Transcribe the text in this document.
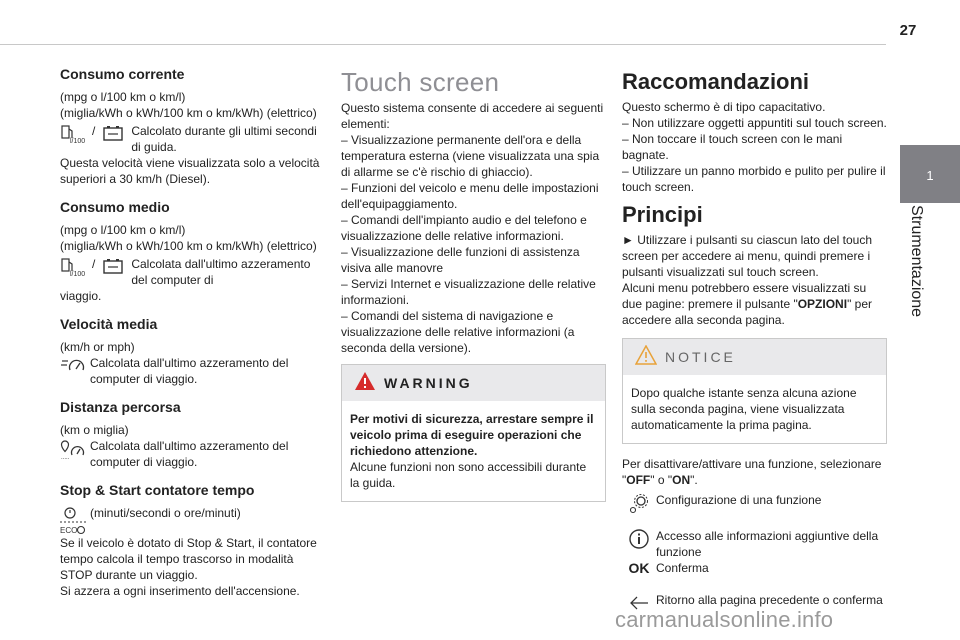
27
1
Strumentazione
Consumo corrente

(mpg o l/100 km o km/l)
(miglia/kWh o kWh/100 km o km/kWh) (elettrico)

l/100
/	Calcolato durante gli ultimi secondi di guida.

Questa velocità viene visualizzata solo a velocità superiori a 30 km/h (Diesel).

Consumo medio

(mpg o l/100 km o km/l)
(miglia/kWh o kWh/100 km o km/kWh) (elettrico)

l/100
/	Calcolata dall'ultimo azzeramento del computer di

viaggio.

Velocità media

(km/h or mph)

Calcolata dall'ultimo azzeramento del computer di viaggio.
Distanza percorsa

(km o miglia)

.....
Calcolata dall'ultimo azzeramento del computer di viaggio.
Stop & Start contatore tempo
ECO
(minuti/secondi o ore/minuti)

Se il veicolo è dotato di Stop & Start, il contatore tempo calcola il tempo trascorso in modalità STOP durante un viaggio.
Si azzera a ogni inserimento dell'accensione.

Touch screen

Questo sistema consente di accedere ai seguenti elementi:

– Visualizzazione permanente dell'ora e della temperatura esterna (viene visualizzata una spia di allarme se c'è rischio di ghiaccio).

– Funzioni del veicolo e menu delle impostazioni dell'equipaggiamento.

– Comandi dell'impianto audio e del telefono e visualizzazione delle relative informazioni.

– Visualizzazione delle funzioni di assistenza visiva alle manovre

– Servizi Internet e visualizzazione delle relative informazioni.

– Comandi del sistema di navigazione e visualizzazione delle relative informazioni (a seconda della versione).

WARNING

Per motivi di sicurezza, arrestare sempre il veicolo prima di eseguire operazioni che richiedono attenzione.

Alcune funzioni non sono accessibili durante la guida.

Raccomandazioni

Questo schermo è di tipo capacitativo.

– Non utilizzare oggetti appuntiti sul touch screen.

– Non toccare il touch screen con le mani bagnate.

– Utilizzare un panno morbido e pulito per pulire il touch screen.

Principi

► Utilizzare i pulsanti su ciascun lato del touch screen per accedere ai menu, quindi premere i pulsanti visualizzati sul touch screen.

Alcuni menu potrebbero essere visualizzati su due pagine: premere il pulsante "OPZIONI" per accedere alla seconda pagina.

NOTICE

Dopo qualche istante senza alcuna azione sulla seconda pagina, viene visualizzata automaticamente la prima pagina.

Per disattivare/attivare una funzione, selezionare "OFF" o "ON".

Configurazione di una funzione
Accesso alle informazioni aggiuntive della funzione
OK Conferma
Ritorno alla pagina precedente o conferma
carmanualsonline.info
